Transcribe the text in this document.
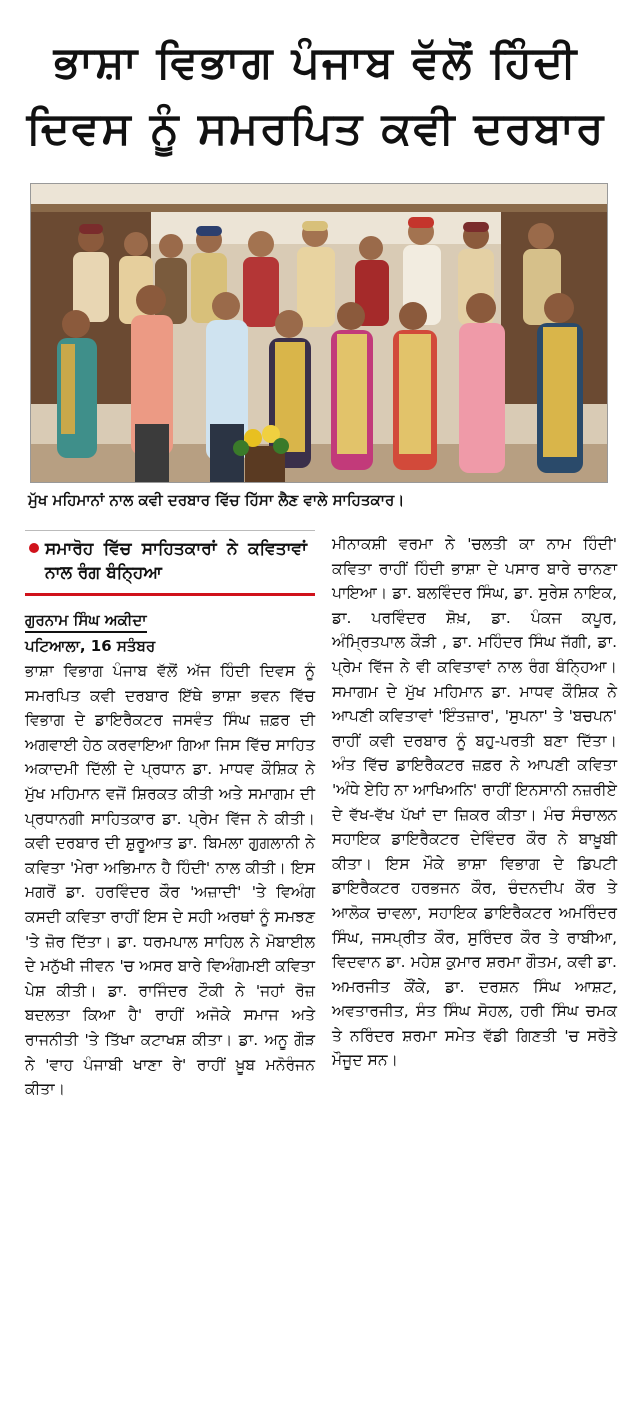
ਭਾਸ਼ਾ ਵਿਭਾਗ ਪੰਜਾਬ ਵੱਲੋਂ ਹਿੰਦੀ
ਦਿਵਸ ਨੂੰ ਸਮਰਪਿਤ ਕਵੀ ਦਰਬਾਰ
ਮੁੱਖ ਮਹਿਮਾਨਾਂ ਨਾਲ ਕਵੀ ਦਰਬਾਰ ਵਿੱਚ ਹਿੱਸਾ ਲੈਣ ਵਾਲੇ ਸਾਹਿਤਕਾਰ।
ਸਮਾਰੋਹ ਵਿੱਚ ਸਾਹਿਤਕਾਰਾਂ ਨੇ ਕਵਿਤਾਵਾਂ ਨਾਲ ਰੰਗ ਬੰਨ੍ਹਿਆ
ਗੁਰਨਾਮ ਸਿੰਘ ਅਕੀਦਾ
ਪਟਿਆਲਾ, 16 ਸਤੰਬਰ
ਭਾਸ਼ਾ ਵਿਭਾਗ ਪੰਜਾਬ ਵੱਲੋਂ ਅੱਜ ਹਿੰਦੀ ਦਿਵਸ ਨੂੰ ਸਮਰਪਿਤ ਕਵੀ ਦਰਬਾਰ ਇੱਥੇ ਭਾਸ਼ਾ ਭਵਨ ਵਿੱਚ ਵਿਭਾਗ ਦੇ ਡਾਇਰੈਕਟਰ ਜਸਵੰਤ ਸਿੰਘ ਜ਼ਫ਼ਰ ਦੀ ਅਗਵਾਈ ਹੇਠ ਕਰਵਾਇਆ ਗਿਆ ਜਿਸ ਵਿੱਚ ਸਾਹਿਤ ਅਕਾਦਮੀ ਦਿੱਲੀ ਦੇ ਪ੍ਰਧਾਨ ਡਾ. ਮਾਧਵ ਕੌਸ਼ਿਕ ਨੇ ਮੁੱਖ ਮਹਿਮਾਨ ਵਜੋਂ ਸ਼ਿਰਕਤ ਕੀਤੀ ਅਤੇ ਸਮਾਗਮ ਦੀ ਪ੍ਰਧਾਨਗੀ ਸਾਹਿਤਕਾਰ ਡਾ. ਪ੍ਰੇਮ ਵਿੱਜ ਨੇ ਕੀਤੀ। ਕਵੀ ਦਰਬਾਰ ਦੀ ਸ਼ੁਰੂਆਤ ਡਾ. ਬਿਮਲਾ ਗੁਗਲਾਨੀ ਨੇ ਕਵਿਤਾ 'ਮੇਰਾ ਅਭਿਮਾਨ ਹੈ ਹਿੰਦੀ' ਨਾਲ ਕੀਤੀ। ਇਸ ਮਗਰੋਂ ਡਾ. ਹਰਵਿੰਦਰ ਕੌਰ 'ਅਜ਼ਾਦੀ' 'ਤੇ ਵਿਅੰਗ ਕਸਦੀ ਕਵਿਤਾ ਰਾਹੀਂ ਇਸ ਦੇ ਸਹੀ ਅਰਥਾਂ ਨੂੰ ਸਮਝਣ 'ਤੇ ਜ਼ੋਰ ਦਿੱਤਾ। ਡਾ. ਧਰਮਪਾਲ ਸਾਹਿਲ ਨੇ ਮੋਬਾਈਲ ਦੇ ਮਨੁੱਖੀ ਜੀਵਨ 'ਚ ਅਸਰ ਬਾਰੇ ਵਿਅੰਗਮਈ ਕਵਿਤਾ ਪੇਸ਼ ਕੀਤੀ। ਡਾ. ਰਾਜਿੰਦਰ ਟੌਕੀ ਨੇ 'ਜਹਾਂ ਰੋਜ਼ ਬਦਲਤਾ ਕਿਆ ਹੈ' ਰਾਹੀਂ ਅਜੋਕੇ ਸਮਾਜ ਅਤੇ ਰਾਜਨੀਤੀ 'ਤੇ ਤਿੱਖਾ ਕਟਾਖਸ਼ ਕੀਤਾ। ਡਾ. ਅਨੂ ਗੌੜ ਨੇ 'ਵਾਹ ਪੰਜਾਬੀ ਖਾਣਾ ਰੇ' ਰਾਹੀਂ ਖ਼ੂਬ ਮਨੋਰੰਜਨ ਕੀਤਾ।
ਮੀਨਾਕਸ਼ੀ ਵਰਮਾ ਨੇ 'ਚਲਤੀ ਕਾ ਨਾਮ ਹਿੰਦੀ' ਕਵਿਤਾ ਰਾਹੀਂ ਹਿੰਦੀ ਭਾਸ਼ਾ ਦੇ ਪਸਾਰ ਬਾਰੇ ਚਾਨਣਾ ਪਾਇਆ। ਡਾ. ਬਲਵਿੰਦਰ ਸਿੰਘ, ਡਾ. ਸੁਰੇਸ਼ ਨਾਇਕ, ਡਾ. ਪਰਵਿੰਦਰ ਸ਼ੋਖ਼, ਡਾ. ਪੰਕਜ ਕਪੂਰ, ਅੰਮ੍ਰਿਤਪਾਲ ਕੌੜੀ , ਡਾ. ਮਹਿੰਦਰ ਸਿੰਘ ਜੱਗੀ, ਡਾ. ਪ੍ਰੇਮ ਵਿੱਜ ਨੇ ਵੀ ਕਵਿਤਾਵਾਂ ਨਾਲ ਰੰਗ ਬੰਨ੍ਹਿਆ। ਸਮਾਗਮ ਦੇ ਮੁੱਖ ਮਹਿਮਾਨ ਡਾ. ਮਾਧਵ ਕੌਸ਼ਿਕ ਨੇ ਆਪਣੀ ਕਵਿਤਾਵਾਂ 'ਇੰਤਜ਼ਾਰ', 'ਸੁਪਨਾ' ਤੇ 'ਬਚਪਨ' ਰਾਹੀਂ ਕਵੀ ਦਰਬਾਰ ਨੂੰ ਬਹੁ-ਪਰਤੀ ਬਣਾ ਦਿੱਤਾ। ਅੰਤ ਵਿੱਚ ਡਾਇਰੈਕਟਰ ਜ਼ਫ਼ਰ ਨੇ ਆਪਣੀ ਕਵਿਤਾ 'ਅੰਧੇ ਏਹਿ ਨਾ ਆਖਿਅਨਿ' ਰਾਹੀਂ ਇਨਸਾਨੀ ਨਜ਼ਰੀਏ ਦੇ ਵੱਖ-ਵੱਖ ਪੱਖਾਂ ਦਾ ਜ਼ਿਕਰ ਕੀਤਾ। ਮੰਚ ਸੰਚਾਲਨ ਸਹਾਇਕ ਡਾਇਰੈਕਟਰ ਦੇਵਿੰਦਰ ਕੌਰ ਨੇ ਬਾਖ਼ੂਬੀ ਕੀਤਾ। ਇਸ ਮੌਕੇ ਭਾਸ਼ਾ ਵਿਭਾਗ ਦੇ ਡਿਪਟੀ ਡਾਇਰੈਕਟਰ ਹਰਭਜਨ ਕੌਰ, ਚੰਦਨਦੀਪ ਕੌਰ ਤੇ ਆਲੋਕ ਚਾਵਲਾ, ਸਹਾਇਕ ਡਾਇਰੈਕਟਰ ਅਮਰਿੰਦਰ ਸਿੰਘ, ਜਸਪ੍ਰੀਤ ਕੌਰ, ਸੁਰਿੰਦਰ ਕੌਰ ਤੇ ਰਾਬੀਆ, ਵਿਦਵਾਨ ਡਾ. ਮਹੇਸ਼ ਕੁਮਾਰ ਸ਼ਰਮਾ ਗੌਤਮ, ਕਵੀ ਡਾ. ਅਮਰਜੀਤ ਕੌਂਕੇ, ਡਾ. ਦਰਸ਼ਨ ਸਿੰਘ ਆਸ਼ਟ, ਅਵਤਾਰਜੀਤ, ਸੰਤ ਸਿੰਘ ਸੋਹਲ, ਹਰੀ ਸਿੰਘ ਚਮਕ ਤੇ ਨਰਿੰਦਰ ਸ਼ਰਮਾ ਸਮੇਤ ਵੱਡੀ ਗਿਣਤੀ 'ਚ ਸਰੋਤੇ ਮੌਜੂਦ ਸਨ।
